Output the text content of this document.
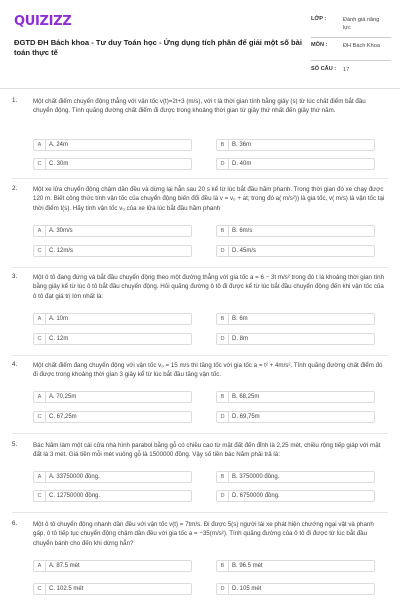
QUIZIZZ
ĐGTD ĐH Bách khoa - Tư duy Toán học - Ứng dụng tích phân để giải một số bài toán thực tế
LỚP :	Đánh giá năng lực
MÔN :	ĐH Bách Khoa
SỐ CÂU : 17
1.	Một chất điểm chuyển động thẳng với vận tốc v(t)=2t+3 (m/s), với t là thời gian tính bằng giây (s) từ lúc chất điểm bắt đầu chuyển động. Tính quãng đường chất điểm đi được trong khoảng thời gian từ giây thứ nhất đến giây thứ năm.
A	A. 24m	B	B. 36m
C	C. 30m	D	D. 40m
2.	Một xe lửa chuyển động chậm dần đều và dừng lại hẳn sau 20 s kể từ lúc bắt đầu hãm phanh. Trong thời gian đó xe chạy được 120 m. Biết công thức tính vận tốc của chuyển động biến đổi đều là v = v₀ + at; trong đó a( m/s²)) là gia tốc, v( m/s) là vận tốc tại thời điểm t(s). Hãy tính vận tốc v₀ của xe lửa lúc bắt đầu hãm phanh
A	A. 30m/s	B	B. 6m/s
C	C. 12m/s	D	D. 45m/s
3.	Một ô tô đang đứng và bắt đầu chuyển động theo một đường thẳng với gia tốc a = 6 − 3t m/s² trong đó t là khoảng thời gian tính bằng giây kể từ lúc ô tô bắt đầu chuyển động. Hỏi quãng đường ô tô đi được kể từ lúc bắt đầu chuyển động đến khi vận tốc của ô tô đạt giá trị lớn nhất là:
A	A. 10m	B	B. 6m
C	C. 12m	D	D. 8m
4.	Một chất điểm đang chuyển động với vận tốc v₀ = 15 m/s thì tăng tốc với gia tốc a = t² + 4m/s². Tính quãng đường chất điểm đó đi được trong khoảng thời gian 3 giây kể từ lúc bắt đầu tăng vận tốc.
A	A. 70,25m	B	B. 68,25m
C	C. 67,25m	D	D. 69,75m
5.	Bác Năm làm một cái cửa nhà hình parabol bằng gỗ có chiều cao từ mặt đất đến đỉnh là 2,25 mét, chiều rộng tiếp giáp với mặt đất là 3 mét. Giá tiền mỗi mét vuông gỗ là 1500000 đồng. Vậy số tiền bác Năm phải trả là:
A	A. 33750000 đồng.	B	B. 3750000 đồng.
C	C. 12750000 đồng.	D	D. 6750000 đồng.
6.	Một ô tô chuyển động nhanh dần đều với vận tốc v(t) = 7tm/s. Đi được 5(s) người lái xe phát hiện chướng ngại vật và phanh gấp, ô tô tiếp tục chuyển động chậm dần đều với gia tốc a = −35(m/s²). Tính quãng đường của ô tô đi được từ lúc bắt đầu chuyển bánh cho đến khi dừng hẳn?
A	A. 87.5 mét	B	B. 96.5 mét
C	C. 102.5 mét	D	D. 105 mét
